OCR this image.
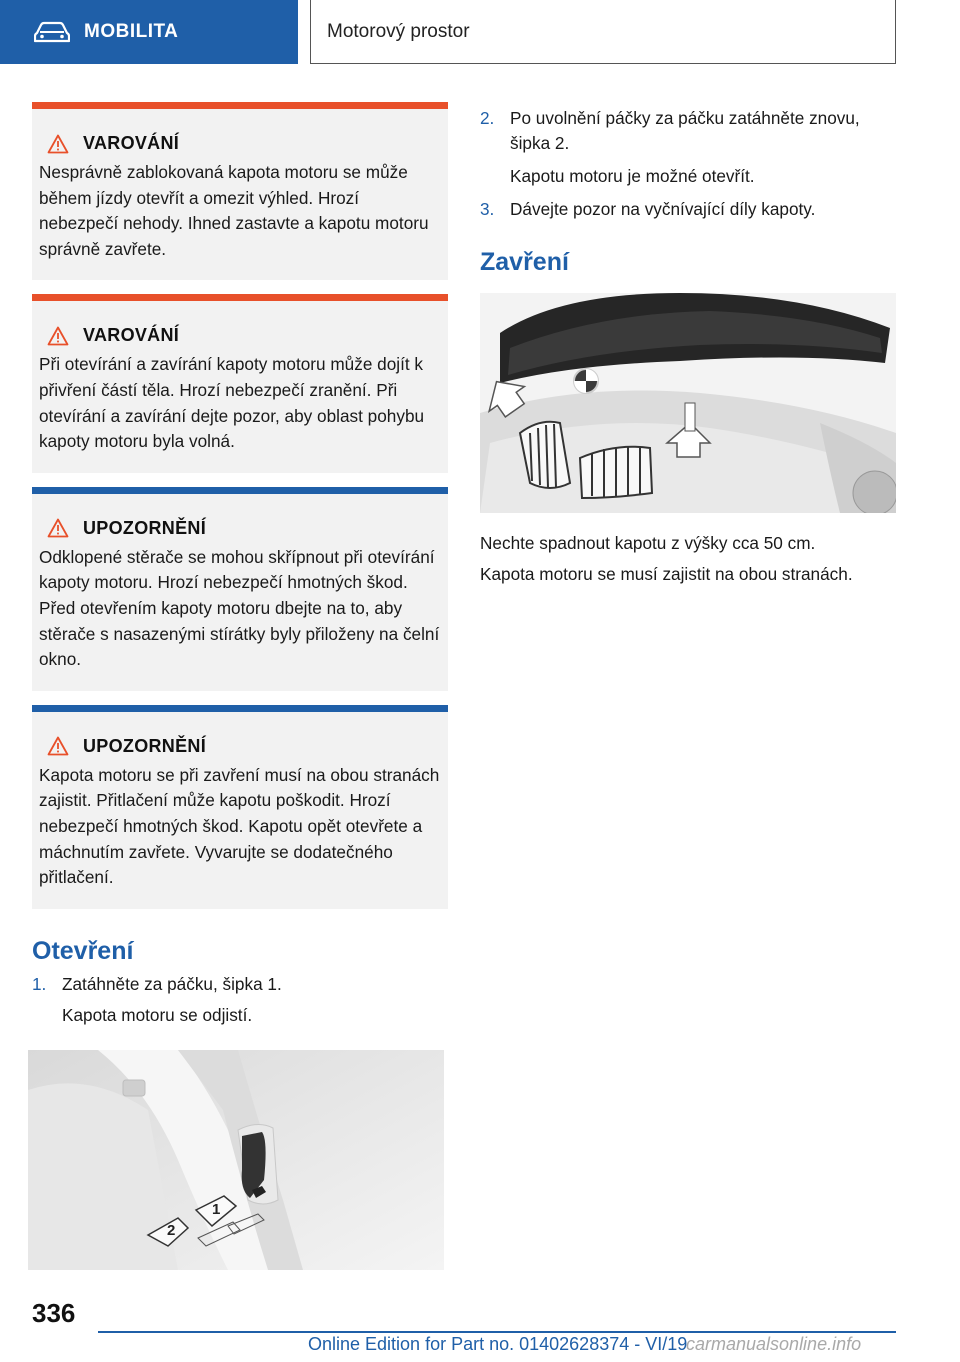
MOBILITA	Motorový prostor
VAROVÁNÍ
Nesprávně zablokovaná kapota motoru se může během jízdy otevřít a omezit výhled. Hrozí nebezpečí nehody. Ihned zastavte a kapotu motoru správně zavřete.
VAROVÁNÍ
Při otevírání a zavírání kapoty motoru může dojít k přivření částí těla. Hrozí nebezpečí zranění. Při otevírání a zavírání dejte pozor, aby oblast pohybu kapoty motoru byla volná.
UPOZORNĚNÍ
Odklopené stěrače se mohou skřípnout při otevírání kapoty motoru. Hrozí nebezpečí hmotných škod. Před otevřením kapoty motoru dbejte na to, aby stěrače s nasazenými stírátky byly přiloženy na čelní okno.
UPOZORNĚNÍ
Kapota motoru se při zavření musí na obou stranách zajistit. Přitlačení může kapotu poškodit. Hrozí nebezpečí hmotných škod. Kapotu opět otevřete a máchnutím zavřete. Vyvarujte se dodatečného přitlačení.
Otevření
1. Zatáhněte za páčku, šipka 1.
Kapota motoru se odjistí.
2
1
2. Po uvolnění páčky za páčku zatáhněte znovu, šipka 2.
Kapotu motoru je možné otevřít.
3. Dávejte pozor na vyčnívající díly kapoty.
Zavření
Nechte spadnout kapotu z výšky cca 50 cm.
Kapota motoru se musí zajistit na obou stranách.
336
Online Edition for Part no. 01402628374 - VI/19
carmanualsonline.info
